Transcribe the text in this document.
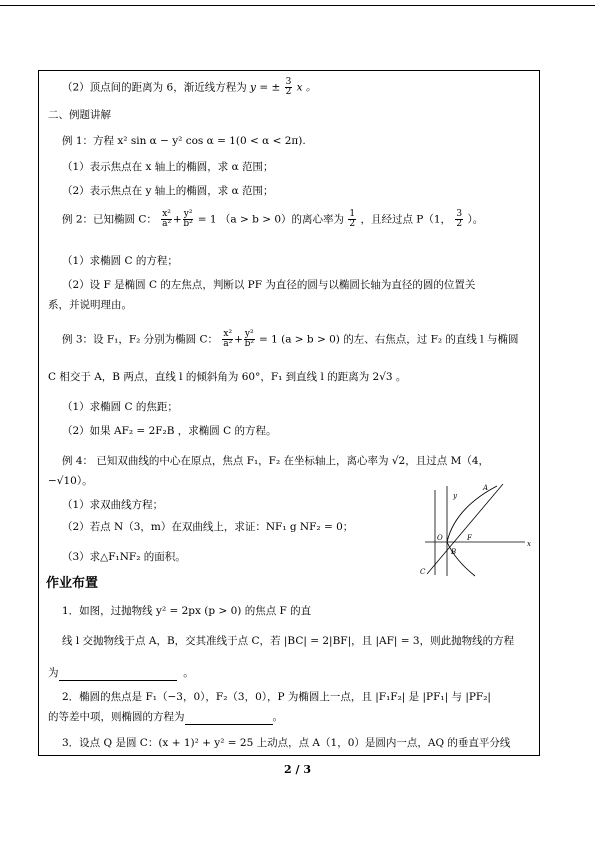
（2）顶点间的距离为 6，渐近线方程为 y = ± $\frac{3}{2}$ x 。
二、例题讲解
例 1：方程 x² sin α − y² cos α = 1(0 < α < 2π).
（1）表示焦点在 x 轴上的椭圆，求 α 范围；
（2）表示焦点在 y 轴上的椭圆，求 α 范围；
例 2：已知椭圆 C： $\frac{\text{x²}}{\text{a²}} + \frac{\text{y²}}{\text{b²}} = 1$ （a > b > 0）的离心率为 $\frac{1}{2}$ ，且经过点 P（1， $\frac{3}{2}$ ）。
（1）求椭圆 C 的方程；
（2）设 F 是椭圆 C 的左焦点，判断以 PF 为直径的圆与以椭圆长轴为直径的圆的位置关
系，并说明理由。
例 3：设 F₁，F₂ 分别为椭圆 C： $\frac{\text{x²}}{\text{a²}} + \frac{\text{y²}}{\text{b²}} = 1$ (a > b > 0) 的左、右焦点，过 F₂ 的直线 l 与椭圆
C 相交于 A，B 两点，直线 l 的倾斜角为 60°，F₁ 到直线 l 的距离为 2√3 。
（1）求椭圆 C 的焦距；
（2）如果 AF₂ = 2F₂B ，求椭圆 C 的方程。
例 4： 已知双曲线的中心在原点，焦点 F₁，F₂ 在坐标轴上，离心率为 √2，且过点 M（4，
−√10）。
（1）求双曲线方程；
（2）若点 N（3，m）在双曲线上，求证：NF₁ g NF₂ = 0；
（3）求△F₁NF₂ 的面积。
y
x
A
O	F
B
C
作业布置
1．如图，过抛物线 y² = 2px (p > 0) 的焦点 F 的直
线 l 交抛物线于点 A，B，交其准线于点 C，若 |BC| = 2|BF|，且 |AF| = 3，则此抛物线的方程
为	。
2．椭圆的焦点是 F₁（−3，0），F₂（3，0），P 为椭圆上一点，且 |F₁F₂| 是 |PF₁| 与 |PF₂|
的等差中项，则椭圆的方程为	。
3．设点 Q 是圆 C：(x + 1)² + y² = 25 上动点，点 A（1，0）是圆内一点，AQ 的垂直平分线
2 / 3
